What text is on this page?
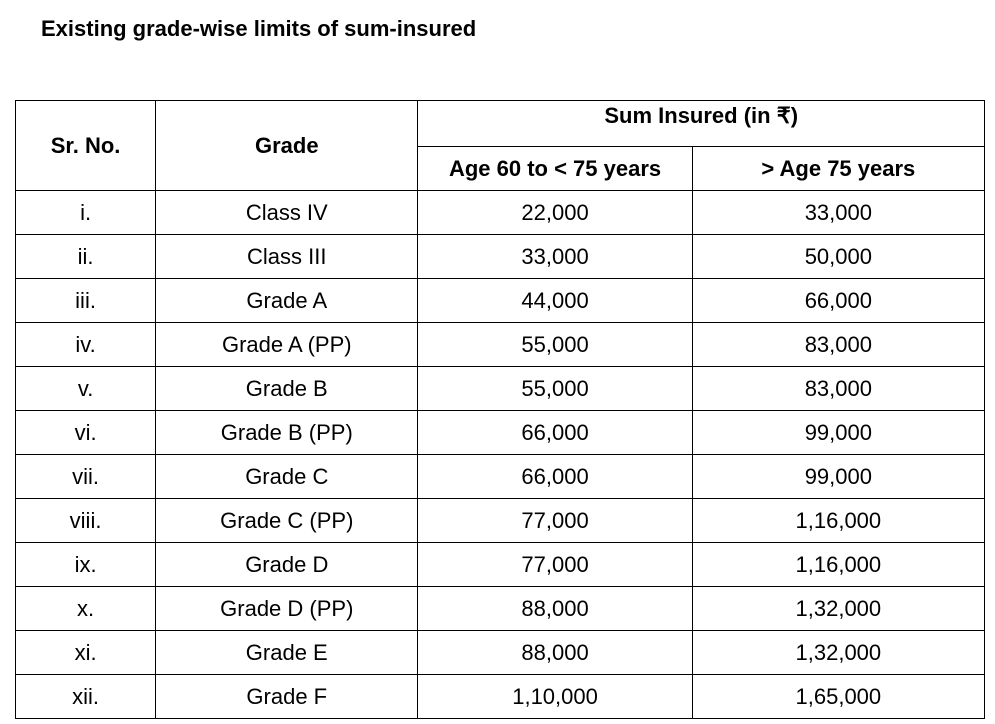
Existing grade-wise limits of sum-insured
Sr. No.	Grade	Sum Insured (in ₹)	
		Age 60 to < 75 years	> Age 75 years
i.	Class IV	22,000	33,000
ii.	Class III	33,000	50,000
iii.	Grade A	44,000	66,000
iv.	Grade A (PP)	55,000	83,000
v.	Grade B	55,000	83,000
vi.	Grade B (PP)	66,000	99,000
vii.	Grade C	66,000	99,000
viii.	Grade C (PP)	77,000	1,16,000
ix.	Grade D	77,000	1,16,000
x.	Grade D (PP)	88,000	1,32,000
xi.	Grade E	88,000	1,32,000
xii.	Grade F	1,10,000	1,65,000
